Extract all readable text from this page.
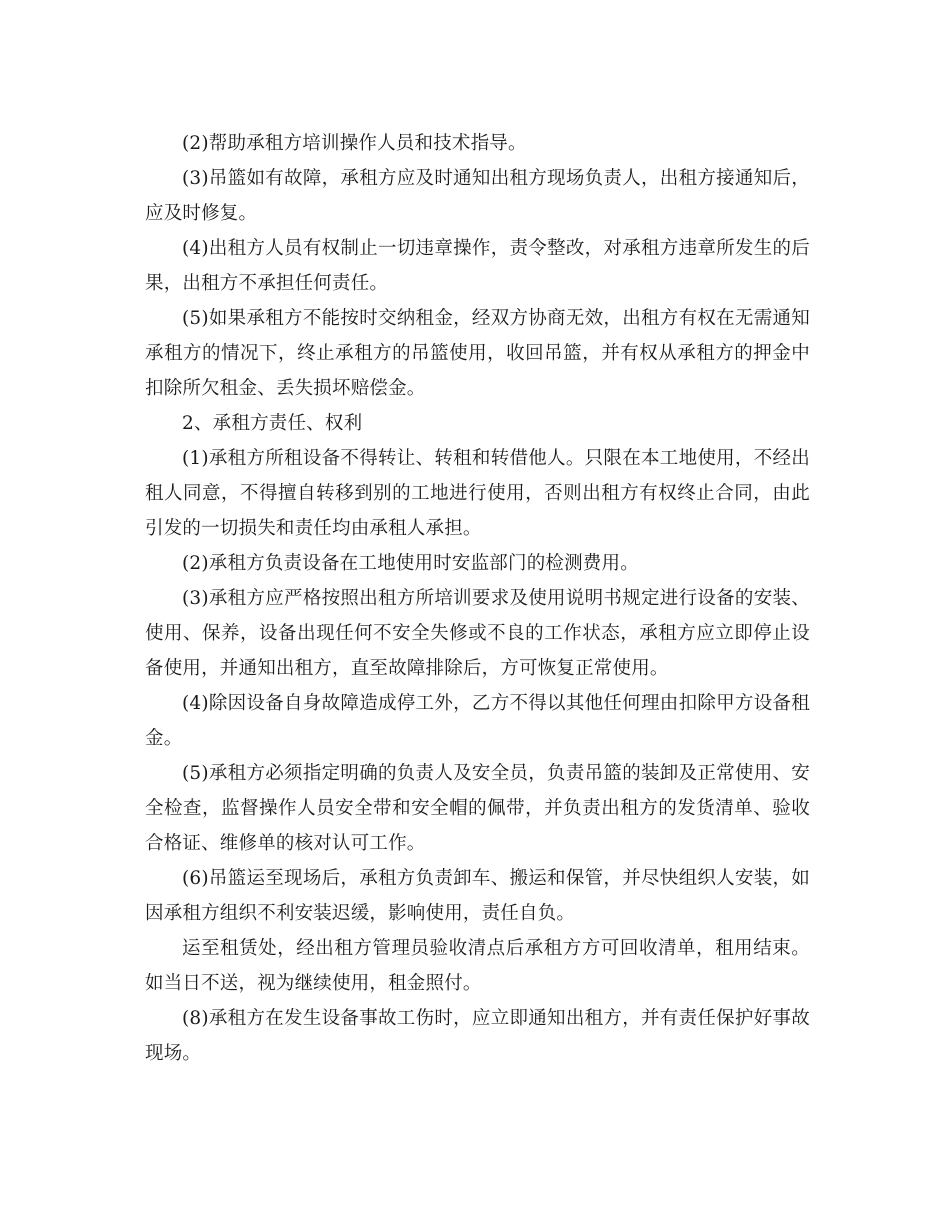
(2)帮助承租方培训操作人员和技术指导。

(3)吊篮如有故障，承租方应及时通知出租方现场负责人，出租方接通知后，应及时修复。

(4)出租方人员有权制止一切违章操作，责令整改，对承租方违章所发生的后果，出租方不承担任何责任。

(5)如果承租方不能按时交纳租金，经双方协商无效，出租方有权在无需通知承租方的情况下，终止承租方的吊篮使用，收回吊篮，并有权从承租方的押金中扣除所欠租金、丢失损坏赔偿金。

2、承租方责任、权利

(1)承租方所租设备不得转让、转租和转借他人。只限在本工地使用，不经出租人同意，不得擅自转移到别的工地进行使用，否则出租方有权终止合同，由此引发的一切损失和责任均由承租人承担。

(2)承租方负责设备在工地使用时安监部门的检测费用。

(3)承租方应严格按照出租方所培训要求及使用说明书规定进行设备的安装、使用、保养，设备出现任何不安全失修或不良的工作状态，承租方应立即停止设备使用，并通知出租方，直至故障排除后，方可恢复正常使用。

(4)除因设备自身故障造成停工外，乙方不得以其他任何理由扣除甲方设备租金。

(5)承租方必须指定明确的负责人及安全员，负责吊篮的装卸及正常使用、安全检查，监督操作人员安全带和安全帽的佩带，并负责出租方的发货清单、验收合格证、维修单的核对认可工作。

(6)吊篮运至现场后，承租方负责卸车、搬运和保管，并尽快组织人安装，如因承租方组织不利安装迟缓，影响使用，责任自负。

运至租赁处，经出租方管理员验收清点后承租方方可回收清单，租用结束。如当日不送，视为继续使用，租金照付。

(8)承租方在发生设备事故工伤时，应立即通知出租方，并有责任保护好事故现场。
